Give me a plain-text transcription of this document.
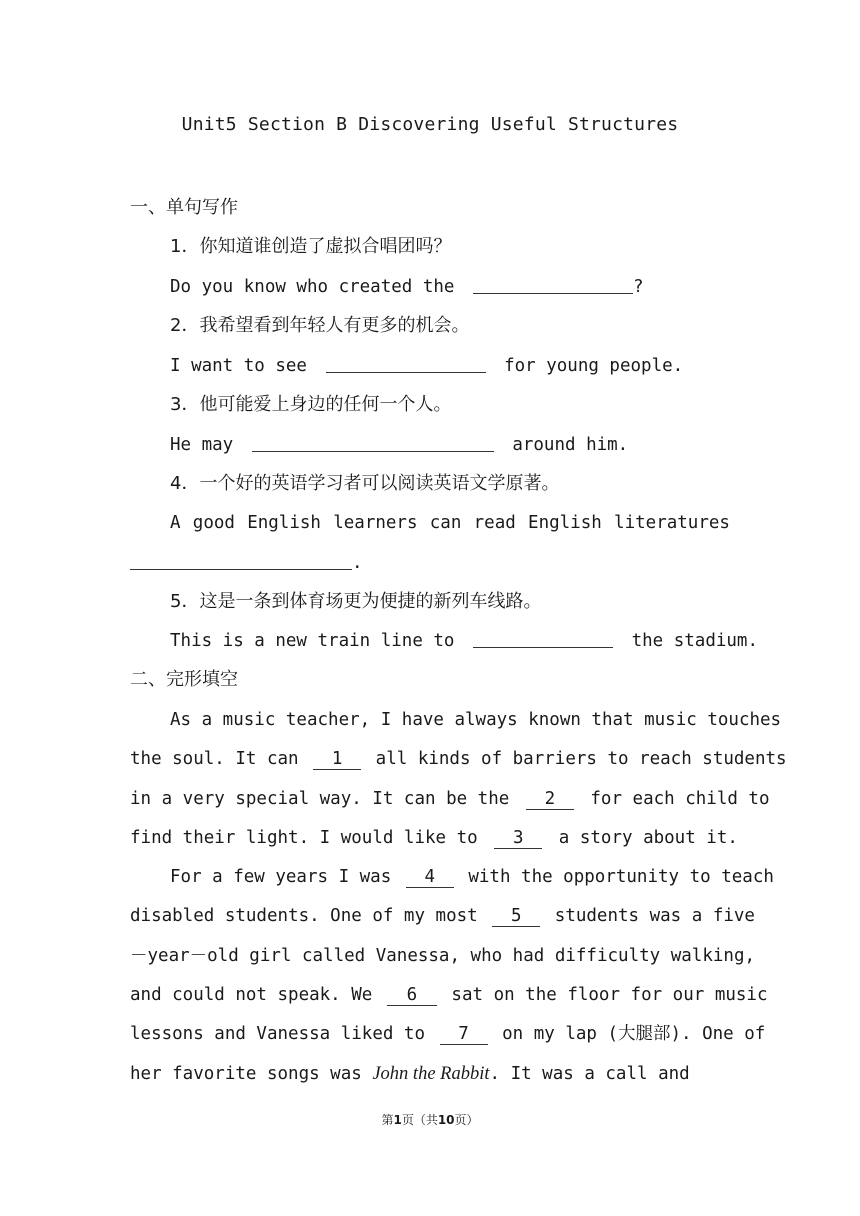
Unit5 Section B Discovering Useful Structures
一、单句写作
1．你知道谁创造了虚拟合唱团吗？
Do you know who created the	?
2．我希望看到年轻人有更多的机会。
I want to see	for young people.
3．他可能爱上身边的任何一个人。
He may	around him.
4．一个好的英语学习者可以阅读英语文学原著。
A good English learners can read English literatures
.
5．这是一条到体育场更为便捷的新列车线路。
This is a new train line to	the stadium.
二、完形填空
As a music teacher, I have always known that music touches
the soul. It can 1 all kinds of barriers to reach students
in a very special way. It can be the 2 for each child to
find their light. I would like to 3 a story about it.
For a few years I was 4 with the opportunity to teach
disabled students. One of my most 5 students was a five
－year－old girl called Vanessa, who had difficulty walking,
and could not speak. We 6 sat on the floor for our music
lessons and Vanessa liked to 7 on my lap (大腿部). One of
her favorite songs was John the Rabbit. It was a call and
第1页（共10页）
